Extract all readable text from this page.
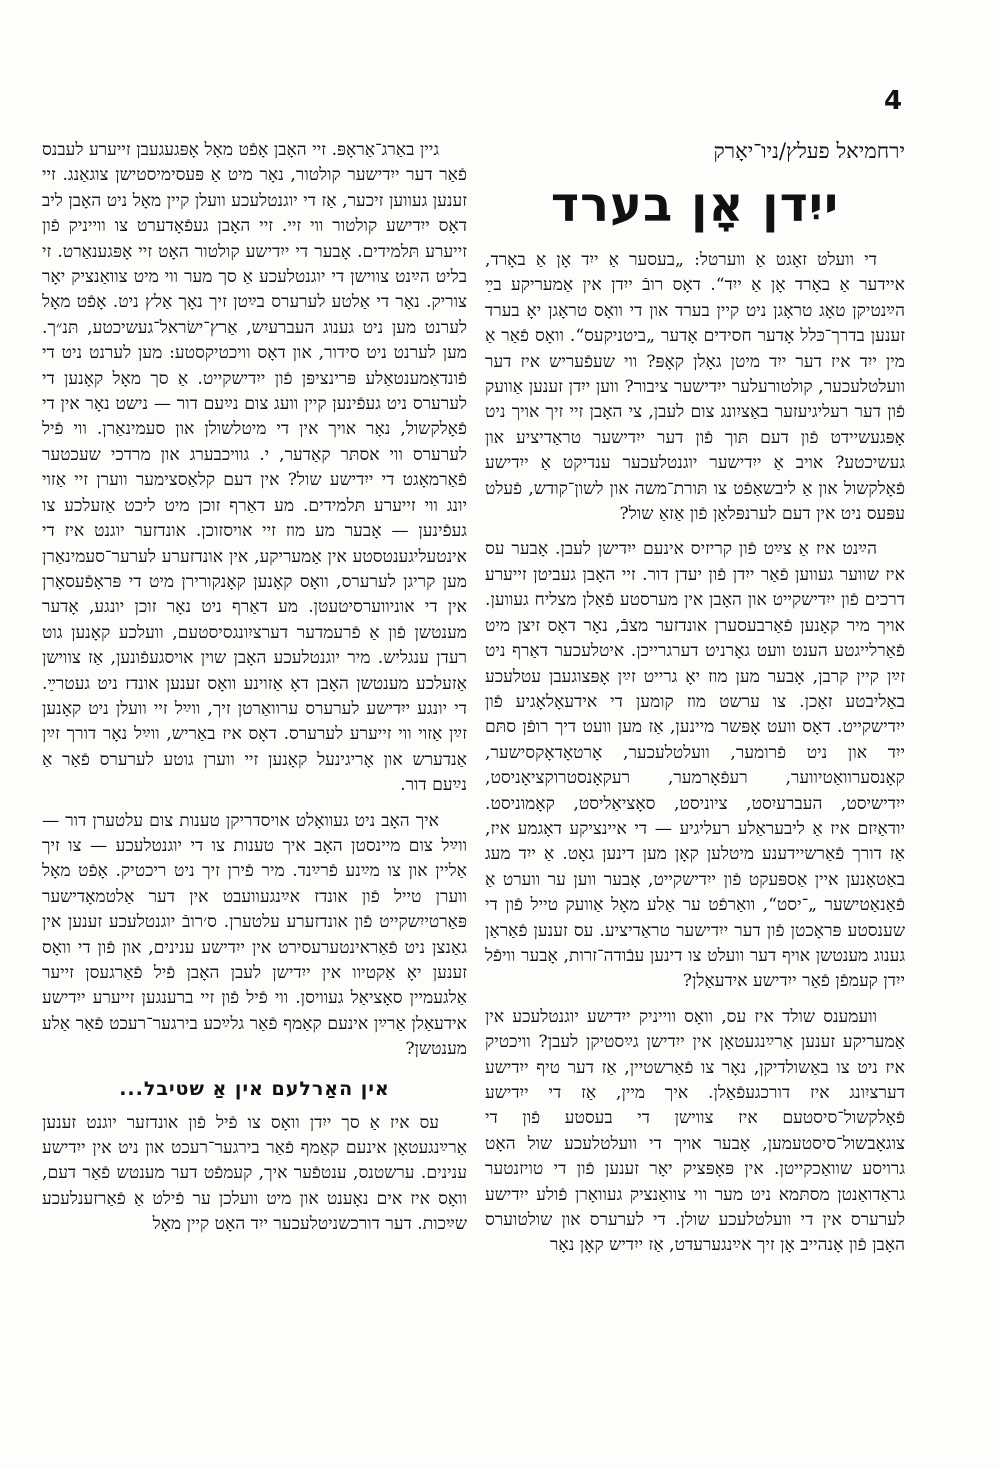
4
ירחמיאל פעלץ/ניו־יאָרק
ייִדן אָן בערד

די וועלט זאָגט אַ ווערטל: „בעסער אַ ייִד אָן אַ באָרד, איידער אַ באָרד אָן אַ ייִד“. דאָס רובֿ ייִדן אין אַמעריקע בײַ הײַנטיקן טאָג טראָגן ניט קיין בערד און די וואָס טראָגן יאָ בערד זענען בדרך־כּלל אָדער חסידים אָדער „ביטניקעס“. וואָס פֿאַר אַ מין ייִד איז דער ייִד מיטן גאָלן קאָפּ? ווי שעפֿעריש איז דער וועלטלעכער, קולטורעלער ייִדישער ציבור? ווען ייִדן זענען אַוועק פֿון דער רעליגיעזער באַציִונג צום לעבן, צי האָבן זיי זיך אויך ניט אָפּגעשיידט פֿון דעם תּוך פֿון דער ייִדישער טראַדיציע און געשיכטע? אויב אַ ייִדישער יוגנטלעכער ענדיקט אַ ייִדישע פֿאָלקשול און אַ ליבשאַפֿט צו תּורת־משה און לשון־קודש, פֿעלט עפּעס ניט אין דעם לערנפּלאַן פֿון אַזאַ שול?

הײַנט איז אַ צײַט פֿון קריזיס אינעם ייִדישן לעבן. אָבער עס איז שווער געווען פֿאַר ייִדן פֿון יעדן דור. זיי האָבן געביטן זייערע דרכים פֿון ייִדישקייט און האָבן אין מערסטע פֿאַלן מצליח געווען. אויך מיר קאָנען פֿאַרבעסערן אונדזער מצבֿ, נאָר דאָס זיצן מיט פֿאַרלייגטע הענט וועט גאָרניט דערגרייכן. איטלעכער דאַרף ניט זײַן קיין קרבן, אָבער מען מוז יאָ גרייט זײַן אָפּצוגעבן עטלעכע באַליבטע זאַכן. צו ערשט מוז קומען די אידעאָלאָגיע פֿון ייִדישקייט. דאָס וועט אָפּשר מיינען, אַז מען וועט דיך רופֿן סתּם ייִד און ניט פֿרומער, וועלטלעכער, אָרטאָדאָקסישער, קאָנסערוואַטיווער, רעפֿאָרמער, רעקאָנסטרוקציאָניסט, ייִדישיסט, העברעיִסט, ציוניסט, סאָציאַליסט, קאָמוניסט. יודאַיִזם איז אַ ליבעראַלע רעליגיע — די איינציקע דאָגמע איז, אַז דורך פֿאַרשיידענע מיטלען קאָן מען דינען גאָט. אַ ייִד מעג באַטאָנען איין אַספּעקט פֿון ייִדישקייט, אָבער ווען ער ווערט אַ פֿאַנאַטישער „־יסט“, וואַרפֿט ער אַלע מאָל אַוועק טייל פֿון די שענסטע פּראָכטן פֿון דער ייִדישער טראַדיציע. עס זענען פֿאַראַן גענוג מענטשן אויף דער וועלט צו דינען עבֿודה־זרות, אָבער וויפֿל ייִדן קעמפֿן פֿאַר ייִדישע אידעאַלן?

וועמענס שולד איז עס, וואָס ווייניק ייִדישע יוגנטלעכע אין אַמעריקע זענען אַרײַנגעטאָן אין ייִדישן גײַסטיקן לעבן? וויכטיק איז ניט צו באַשולדיקן, נאָר צו פֿאַרשטיין, אַז דער טיף ייִדישע דערציִונג איז דורכגעפֿאַלן. איך מיין, אַז די ייִדישע פֿאָלקשול־סיסטעם איז צווישן די בעסטע פֿון די צוגאָבשול־סיסטעמען, אָבער אויך די וועלטלעכע שול האָט גרויסע שוואַכקייטן. אין פּאָפּציק יאָר זענען פֿון די טויזנטער גראַדואַנטן מסתּמא ניט מער ווי צוואַנציק געוואָרן פֿולע ייִדישע לערערס אין די וועלטלעכע שולן. די לערערס און שולטוערס האָבן פֿון אָנהייב אָן זיך אײַנגערעדט, אַז ייִדיש קאָן נאָר

גיין באַרג־אַראָפּ. זיי האָבן אָפֿט מאָל אָפּגעגעבן זייערע לעבנס פֿאַר דער ייִדישער קולטור, נאָר מיט אַ פּעסימיסטישן צוגאַנג. זיי זענען געווען זיכער, אַז די יוגנטלעכע וועלן קיין מאָל ניט האָבן ליב דאָס ייִדישע קולטור ווי זיי. זיי האָבן געפֿאָדערט צו ווייניק פֿון זייערע תּלמידים. אָבער די ייִדישע קולטור האָט זיי אָפּגענאַרט. זי בליט הײַנט צווישן די יוגנטלעכע אַ סך מער ווי מיט צוואַנציק יאָר צוריק. נאָר די אַלטע לערערס בײַטן זיך נאָך אַלץ ניט. אָפֿט מאָל לערנט מען ניט גענוג העברעיִש, אַרץ־ישׂראל־געשיכטע, תּנ״ך. מען לערנט ניט סידור, און דאָס וויכטיקסטע: מען לערנט ניט די פֿונדאַמענטאַלע פּרינציפּן פֿון ייִדישקייט. אַ סך מאָל קאָנען די לערערס ניט געפֿינען קיין וועג צום נײַעם דור — נישט נאָר אין די פֿאָלקשול, נאָר אויך אין די מיטלשולן און סעמינאַרן. ווי פֿיל לערערס ווי אסתּר קאַדער, י. גוויכבערג און מרדכי שעכטער פֿאַרמאָגט די ייִדישע שול? אין דעם קלאַסצימער ווערן זיי אַזוי יונג ווי זייערע תּלמידים. מע דאַרף זוכן מיט ליכט אַזעלכע צו געפֿינען — אָבער מע מוז זיי אויסזוכן. אונדזער יוגנט איז די אינטעליגענטסטע אין אַמעריקע, אין אונדזערע לערער־סעמינאַרן מען קריגן לערערס, וואָס קאָנען קאָנקורירן מיט די פּראָפֿעסאָרן אין די אוניווערסיטעטן. מע דאַרף ניט נאָר זוכן יונגע, אָדער מענטשן פֿון אַ פֿרעמדער דערציִונגסיסטעם, וועלכע קאָנען גוט רעדן ענגליש. מיר יוגנטלעכע האָבן שוין אויסגעפֿונען, אַז צווישן אַזעלכע מענטשן האָבן דאָ אַזוינע וואָס זענען אונדז ניט געטרײַ. די יונגע ייִדישע לערערס ערוואַרטן זיך, ווײַל זיי וועלן ניט קאָנען זײַן אַזוי ווי זייערע לערערס. דאָס איז באַריש, ווײַל נאָר דורך זײַן אַנדערש און אָריגינעל קאָנען זיי ווערן גוטע לערערס פֿאַר אַ נײַעם דור.

איך האָב ניט געוואָלט אויסדריקן טענות צום עלטערן דור — ווײַל צום מיינסטן האָב איך טענות צו די יוגנטלעכע — צו זיך אַליין און צו מײַנע פֿרײַנד. מיר פֿירן זיך ניט ריכטיק. אָפֿט מאָל ווערן טייל פֿון אונדז אײַנגעוועבט אין דער אַלטמאָדישער פּאַרטייִשקייט פֿון אונדזערע עלטערן. ס׳רובֿ יוגנטלעכע זענען אין גאַנצן ניט פֿאַראינטערעסירט אין ייִדישע ענינים, און פֿון די וואָס זענען יאָ אַקטיוו אין ייִדישן לעבן האָבן פֿיל פֿאַרגעסן זייער אַלגעמיין סאָציאַל געוויסן. ווי פֿיל פֿון זיי ברענגען זייערע ייִדישע אידעאַלן אַרײַן אינעם קאַמף פֿאַר גלײַכע בירגער־רעכט פֿאַר אַלע מענטשן?

אין האַרלעם אין אַ שטיבל...

עס איז אַ סך ייִדן וואָס צו פֿיל פֿון אונדזער יוגנט זענען אַרײַנגעטאָן אינעם קאַמף פֿאַר בירגער־רעכט און ניט אין ייִדישע ענינים. ערשטנס, ענטפֿער איך, קעמפֿט דער מענטש פֿאַר דעם, וואָס איז אים נאָענט און מיט וועלכן ער פֿילט אַ פֿאַרזענלעכע שײַכות. דער דורכשניטלעכער ייִד האָט קיין מאָל
